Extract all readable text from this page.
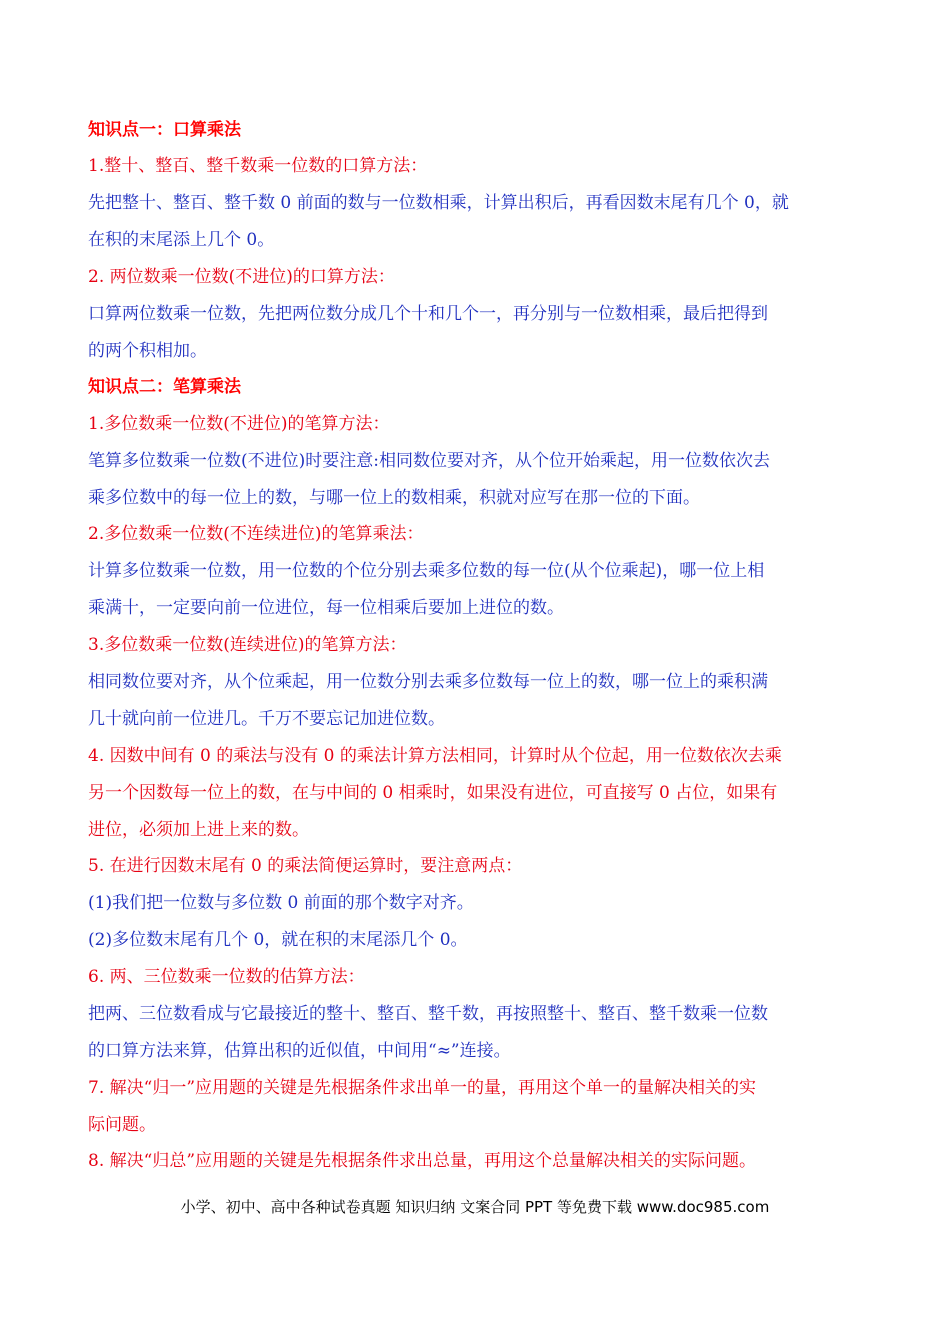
知识点一：口算乘法
1.整十、整百、整千数乘一位数的口算方法：
先把整十、整百、整千数 0 前面的数与一位数相乘，计算出积后，再看因数末尾有几个 0，就
在积的末尾添上几个 0。
2. 两位数乘一位数(不进位)的口算方法：
口算两位数乘一位数，先把两位数分成几个十和几个一，再分别与一位数相乘，最后把得到
的两个积相加。
知识点二：笔算乘法
1.多位数乘一位数(不进位)的笔算方法：
笔算多位数乘一位数(不进位)时要注意:相同数位要对齐，从个位开始乘起，用一位数依次去
乘多位数中的每一位上的数，与哪一位上的数相乘，积就对应写在那一位的下面。
2.多位数乘一位数(不连续进位)的笔算乘法：
计算多位数乘一位数，用一位数的个位分别去乘多位数的每一位(从个位乘起)，哪一位上相
乘满十，一定要向前一位进位，每一位相乘后要加上进位的数。
3.多位数乘一位数(连续进位)的笔算方法：
相同数位要对齐，从个位乘起，用一位数分别去乘多位数每一位上的数，哪一位上的乘积满
几十就向前一位进几。千万不要忘记加进位数。
4. 因数中间有 0 的乘法与没有 0 的乘法计算方法相同，计算时从个位起，用一位数依次去乘
另一个因数每一位上的数，在与中间的 0 相乘时，如果没有进位，可直接写 0 占位，如果有
进位，必须加上进上来的数。
5. 在进行因数末尾有 0 的乘法简便运算时，要注意两点：
(1)我们把一位数与多位数 0 前面的那个数字对齐。
(2)多位数末尾有几个 0，就在积的末尾添几个 0。
6. 两、三位数乘一位数的估算方法：
把两、三位数看成与它最接近的整十、整百、整千数，再按照整十、整百、整千数乘一位数
的口算方法来算，估算出积的近似值，中间用“≈”连接。
7. 解决“归一”应用题的关键是先根据条件求出单一的量，再用这个单一的量解决相关的实
际问题。
8. 解决“归总”应用题的关键是先根据条件求出总量，再用这个总量解决相关的实际问题。
小学、初中、高中各种试卷真题 知识归纳 文案合同 PPT 等免费下载 www.doc985.com
